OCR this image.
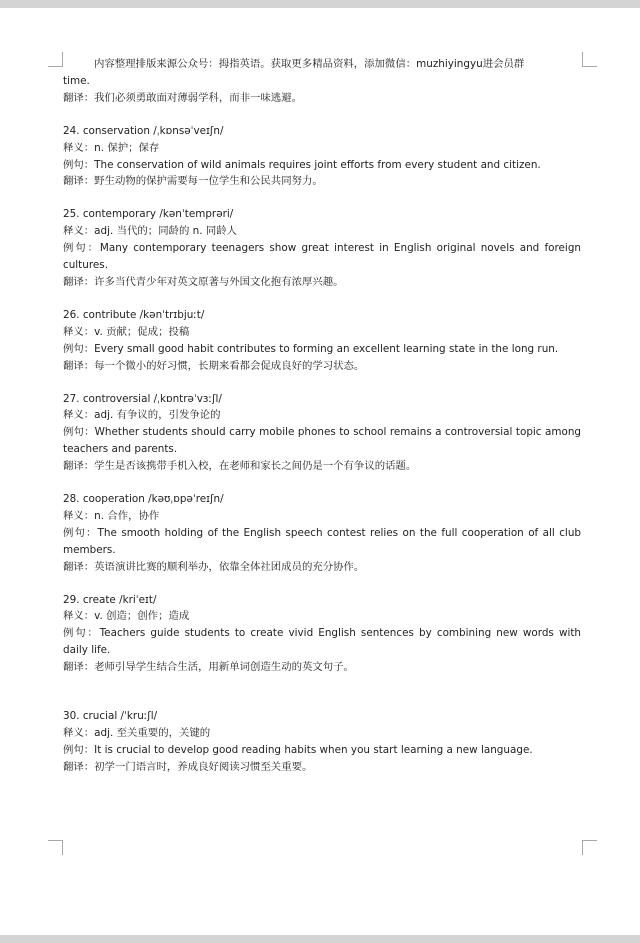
内容整理排版来源公众号：拇指英语。获取更多精品资料，添加微信：muzhiyingyu进会员群
time.
翻译：我们必须勇敢面对薄弱学科，而非一味逃避。
24. conservation /ˌkɒnsəˈveɪʃn/
释义：n. 保护；保存
例句：The conservation of wild animals requires joint efforts from every student and citizen.
翻译：野生动物的保护需要每一位学生和公民共同努力。
25. contemporary /kənˈtemprəri/
释义：adj. 当代的；同龄的 n. 同龄人
例句：Many contemporary teenagers show great interest in English original novels and foreign cultures.
翻译：许多当代青少年对英文原著与外国文化抱有浓厚兴趣。
26. contribute /kənˈtrɪbjuːt/
释义：v. 贡献；促成；投稿
例句：Every small good habit contributes to forming an excellent learning state in the long run.
翻译：每一个微小的好习惯，长期来看都会促成良好的学习状态。
27. controversial /ˌkɒntrəˈvɜːʃl/
释义：adj. 有争议的，引发争论的
例句：Whether students should carry mobile phones to school remains a controversial topic among teachers and parents.
翻译：学生是否该携带手机入校，在老师和家长之间仍是一个有争议的话题。
28. cooperation /kəʊˌɒpəˈreɪʃn/
释义：n. 合作，协作
例句：The smooth holding of the English speech contest relies on the full cooperation of all club members.
翻译：英语演讲比赛的顺利举办，依靠全体社团成员的充分协作。
29. create /kriˈeɪt/
释义：v. 创造；创作；造成
例句：Teachers guide students to create vivid English sentences by combining new words with daily life.
翻译：老师引导学生结合生活，用新单词创造生动的英文句子。
30. crucial /ˈkruːʃl/
释义：adj. 至关重要的，关键的
例句：It is crucial to develop good reading habits when you start learning a new language.
翻译：初学一门语言时，养成良好阅读习惯至关重要。
